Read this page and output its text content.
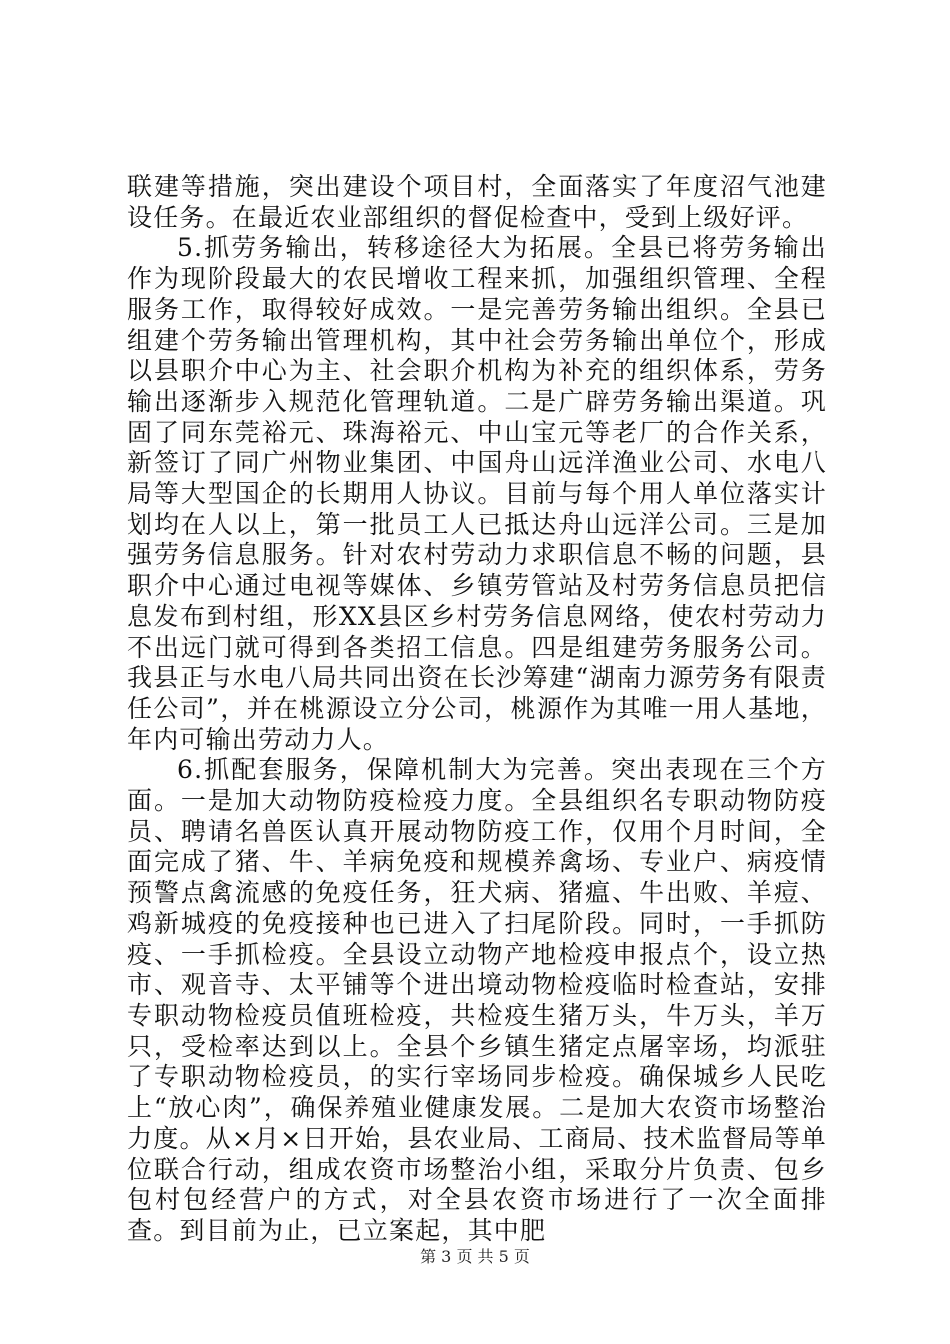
联建等措施，突出建设个项目村，全面落实了年度沼气池建设任务。在最近农业部组织的督促检查中，受到上级好评。

5.抓劳务输出，转移途径大为拓展。全县已将劳务输出作为现阶段最大的农民增收工程来抓，加强组织管理、全程服务工作，取得较好成效。一是完善劳务输出组织。全县已组建个劳务输出管理机构，其中社会劳务输出单位个，形成以县职介中心为主、社会职介机构为补充的组织体系，劳务输出逐渐步入规范化管理轨道。二是广辟劳务输出渠道。巩固了同东莞裕元、珠海裕元、中山宝元等老厂的合作关系，新签订了同广州物业集团、中国舟山远洋渔业公司、水电八局等大型国企的长期用人协议。目前与每个用人单位落实计划均在人以上，第一批员工人已抵达舟山远洋公司。三是加强劳务信息服务。针对农村劳动力求职信息不畅的问题，县职介中心通过电视等媒体、乡镇劳管站及村劳务信息员把信息发布到村组，形XX县区乡村劳务信息网络，使农村劳动力不出远门就可得到各类招工信息。四是组建劳务服务公司。我县正与水电八局共同出资在长沙筹建“湖南力源劳务有限责任公司”，并在桃源设立分公司，桃源作为其唯一用人基地，年内可输出劳动力人。

6.抓配套服务，保障机制大为完善。突出表现在三个方面。一是加大动物防疫检疫力度。全县组织名专职动物防疫员、聘请名兽医认真开展动物防疫工作，仅用个月时间，全面完成了猪、牛、羊病免疫和规模养禽场、专业户、病疫情预警点禽流感的免疫任务，狂犬病、猪瘟、牛出败、羊痘、鸡新城疫的免疫接种也已进入了扫尾阶段。同时，一手抓防疫、一手抓检疫。全县设立动物产地检疫申报点个，设立热市、观音寺、太平铺等个进出境动物检疫临时检查站，安排专职动物检疫员值班检疫，共检疫生猪万头，牛万头，羊万只，受检率达到以上。全县个乡镇生猪定点屠宰场，均派驻了专职动物检疫员，的实行宰场同步检疫。确保城乡人民吃上“放心肉”，确保养殖业健康发展。二是加大农资市场整治力度。从×月×日开始，县农业局、工商局、技术监督局等单位联合行动，组成农资市场整治小组，采取分片负责、包乡包村包经营户的方式，对全县农资市场进行了一次全面排查。到目前为止，已立案起，其中肥

第 3 页 共 5 页
